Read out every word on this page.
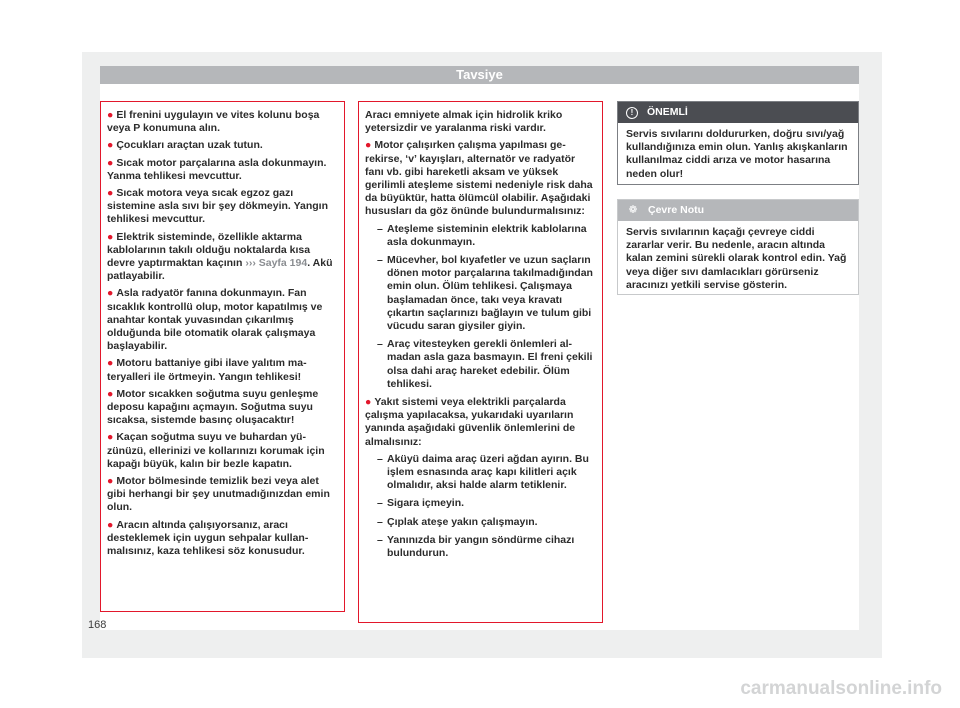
Tavsiye
● El frenini uygulayın ve vites kolunu boşa veya P konumuna alın.
● Çocukları araçtan uzak tutun.
● Sıcak motor parçalarına asla dokunmayın. Yanma tehlikesi mevcuttur.
● Sıcak motora veya sıcak egzoz gazı sistemine asla sıvı bir şey dökmeyin. Yangın tehlikesi mevcuttur.
● Elektrik sisteminde, özellikle aktarma kablolarının takılı olduğu noktalarda kısa devre yaptırmaktan kaçının ››› Sayfa 194. Akü patlayabilir.
● Asla radyatör fanına dokunmayın. Fan sıcaklık kontrollü olup, motor kapatılmış ve anahtar kontak yuvasından çıkarılmış olduğunda bile otomatik olarak çalışmaya başlayabilir.
● Motoru battaniye gibi ilave yalıtım materyalleri ile örtmeyin. Yangın tehlikesi!
● Motor sıcakken soğutma suyu genleşme deposu kapağını açmayın. Soğutma suyu sıcaksa, sistemde basınç oluşacaktır!
● Kaçan soğutma suyu ve buhardan yüzünüzü, ellerinizi ve kollarınızı korumak için kapağı büyük, kalın bir bezle kapatın.
● Motor bölmesinde temizlik bezi veya alet gibi herhangi bir şey unutmadığınızdan emin olun.
● Aracın altında çalışıyorsanız, aracı desteklemek için uygun sehpalar kullanmalısınız, kaza tehlikesi söz konusudur.
Aracı emniyete almak için hidrolik kriko yetersizdir ve yaralanma riski vardır.
● Motor çalışırken çalışma yapılması gerekirse, ‘v’ kayışları, alternatör ve radyatör fanı vb. gibi hareketli aksam ve yüksek gerilimli ateşleme sistemi nedeniyle risk daha da büyüktür, hatta ölümcül olabilir. Aşağıdaki hususları da göz önünde bulundurmalısınız:
– Ateşleme sisteminin elektrik kablolarına asla dokunmayın.
– Mücevher, bol kıyafetler ve uzun saçların dönen motor parçalarına takılmadığından emin olun. Ölüm tehlikesi. Çalışmaya başlamadan önce, takı veya kravatı çıkartın saçlarınızı bağlayın ve tulum gibi vücudu saran giysiler giyin.
– Araç vitesteyken gerekli önlemleri almadan asla gaza basmayın. El freni çekili olsa dahi araç hareket edebilir. Ölüm tehlikesi.
● Yakıt sistemi veya elektrikli parçalarda çalışma yapılacaksa, yukarıdaki uyarıların yanında aşağıdaki güvenlik önlemlerini de almalısınız:
– Aküyü daima araç üzeri ağdan ayırın. Bu işlem esnasında araç kapı kilitleri açık olmalıdır, aksi halde alarm tetiklenir.
– Sigara içmeyin.
– Çıplak ateşe yakın çalışmayın.
– Yanınızda bir yangın söndürme cihazı bulundurun.
!	ÖNEMLİ
Servis sıvılarını doldururken, doğru sıvı/yağ kullandığınıza emin olun. Yanlış akışkanların kullanılmaz ciddi arıza ve motor hasarına neden olur!
❁ Çevre Notu
Servis sıvılarının kaçağı çevreye ciddi zararlar verir. Bu nedenle, aracın altında kalan zemini sürekli olarak kontrol edin. Yağ veya diğer sıvı damlacıkları görürseniz aracınızı yetkili servise gösterin.
168
carmanualsonline.info
